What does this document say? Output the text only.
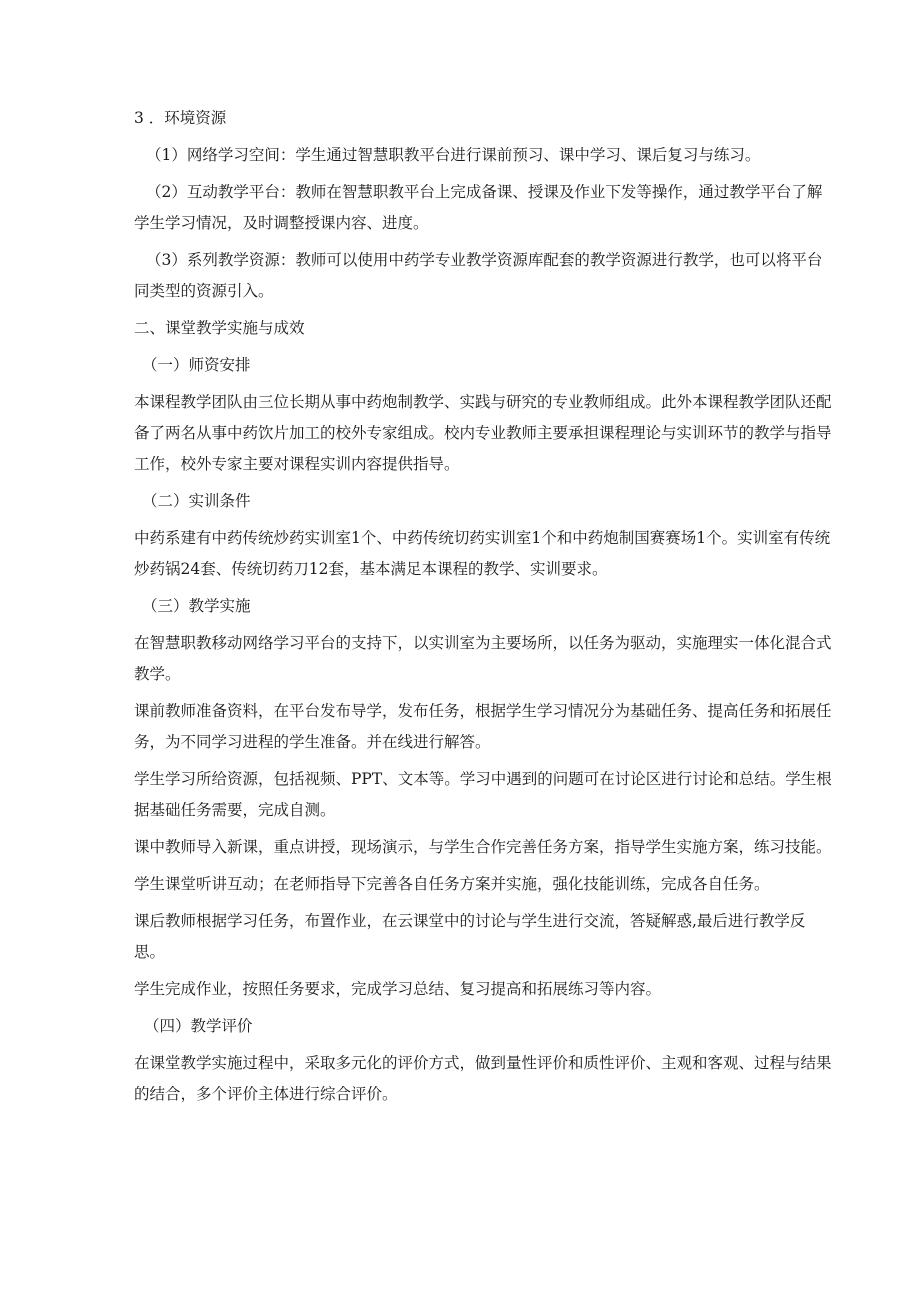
3 ．环境资源

（1）网络学习空间：学生通过智慧职教平台进行课前预习、课中学习、课后复习与练习。

（2）互动教学平台：教师在智慧职教平台上完成备课、授课及作业下发等操作，通过教学平台了解学生学习情况，及时调整授课内容、进度。

（3）系列教学资源：教师可以使用中药学专业教学资源库配套的教学资源进行教学，也可以将平台同类型的资源引入。

二、课堂教学实施与成效

（一）师资安排

本课程教学团队由三位长期从事中药炮制教学、实践与研究的专业教师组成。此外本课程教学团队还配备了两名从事中药饮片加工的校外专家组成。校内专业教师主要承担课程理论与实训环节的教学与指导工作，校外专家主要对课程实训内容提供指导。

（二）实训条件

中药系建有中药传统炒药实训室1个、中药传统切药实训室1个和中药炮制国赛赛场1个。实训室有传统炒药锅24套、传统切药刀12套，基本满足本课程的教学、实训要求。

（三）教学实施

在智慧职教移动网络学习平台的支持下，以实训室为主要场所，以任务为驱动，实施理实一体化混合式教学。

课前教师准备资料，在平台发布导学，发布任务，根据学生学习情况分为基础任务、提高任务和拓展任务，为不同学习进程的学生准备。并在线进行解答。

学生学习所给资源，包括视频、PPT、文本等。学习中遇到的问题可在讨论区进行讨论和总结。学生根据基础任务需要，完成自测。

课中教师导入新课，重点讲授，现场演示，与学生合作完善任务方案，指导学生实施方案，练习技能。

学生课堂听讲互动；在老师指导下完善各自任务方案并实施，强化技能训练，完成各自任务。

课后教师根据学习任务，布置作业，在云课堂中的讨论与学生进行交流，答疑解惑,最后进行教学反思。

学生完成作业，按照任务要求，完成学习总结、复习提高和拓展练习等内容。

（四）教学评价

在课堂教学实施过程中，采取多元化的评价方式，做到量性评价和质性评价、主观和客观、过程与结果的结合，多个评价主体进行综合评价。
